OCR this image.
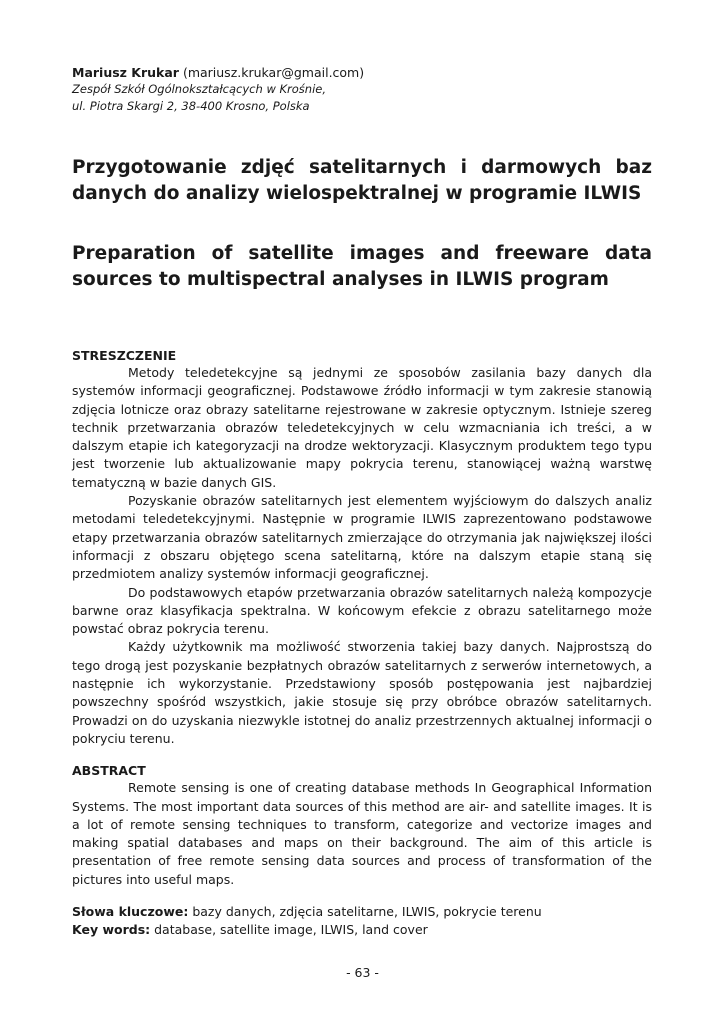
Mariusz Krukar (mariusz.krukar@gmail.com)
Zespół Szkół Ogólnokształcących w Krośnie,
ul. Piotra Skargi 2, 38-400 Krosno, Polska
Przygotowanie zdjęć satelitarnych i darmowych baz danych do analizy wielospektralnej w programie ILWIS
Preparation of satellite images and freeware data sources to multispectral analyses in ILWIS program
STRESZCZENIE

Metody teledetekcyjne są jednymi ze sposobów zasilania bazy danych dla systemów informacji geograficznej. Podstawowe źródło informacji w tym zakresie stanowią zdjęcia lotnicze oraz obrazy satelitarne rejestrowane w zakresie optycznym. Istnieje szereg technik przetwarzania obrazów teledetekcyjnych w celu wzmacniania ich treści, a w dalszym etapie ich kategoryzacji na drodze wektoryzacji. Klasycznym produktem tego typu jest tworzenie lub aktualizowanie mapy pokrycia terenu, stanowiącej ważną warstwę tematyczną w bazie danych GIS.

Pozyskanie obrazów satelitarnych jest elementem wyjściowym do dalszych analiz metodami teledetekcyjnymi. Następnie w programie ILWIS zaprezentowano podstawowe etapy przetwarzania obrazów satelitarnych zmierzające do otrzymania jak największej ilości informacji z obszaru objętego scena satelitarną, które na dalszym etapie staną się przedmiotem analizy systemów informacji geograficznej.

Do podstawowych etapów przetwarzania obrazów satelitarnych należą kompozycje barwne oraz klasyfikacja spektralna. W końcowym efekcie z obrazu satelitarnego może powstać obraz pokrycia terenu.

Każdy użytkownik ma możliwość stworzenia takiej bazy danych. Najprostszą do tego drogą jest pozyskanie bezpłatnych obrazów satelitarnych z serwerów internetowych, a następnie ich wykorzystanie. Przedstawiony sposób postępowania jest najbardziej powszechny spośród wszystkich, jakie stosuje się przy obróbce obrazów satelitarnych. Prowadzi on do uzyskania niezwykle istotnej do analiz przestrzennych aktualnej informacji o pokryciu terenu.

ABSTRACT

Remote sensing is one of creating database methods In Geographical Information Systems. The most important data sources of this method are air- and satellite images. It is a lot of remote sensing techniques to transform, categorize and vectorize images and making spatial databases and maps on their background. The aim of this article is presentation of free remote sensing data sources and process of transformation of the pictures into useful maps.

Słowa kluczowe: bazy danych, zdjęcia satelitarne, ILWIS, pokrycie terenu
Key words: database, satellite image, ILWIS, land cover
- 63 -
